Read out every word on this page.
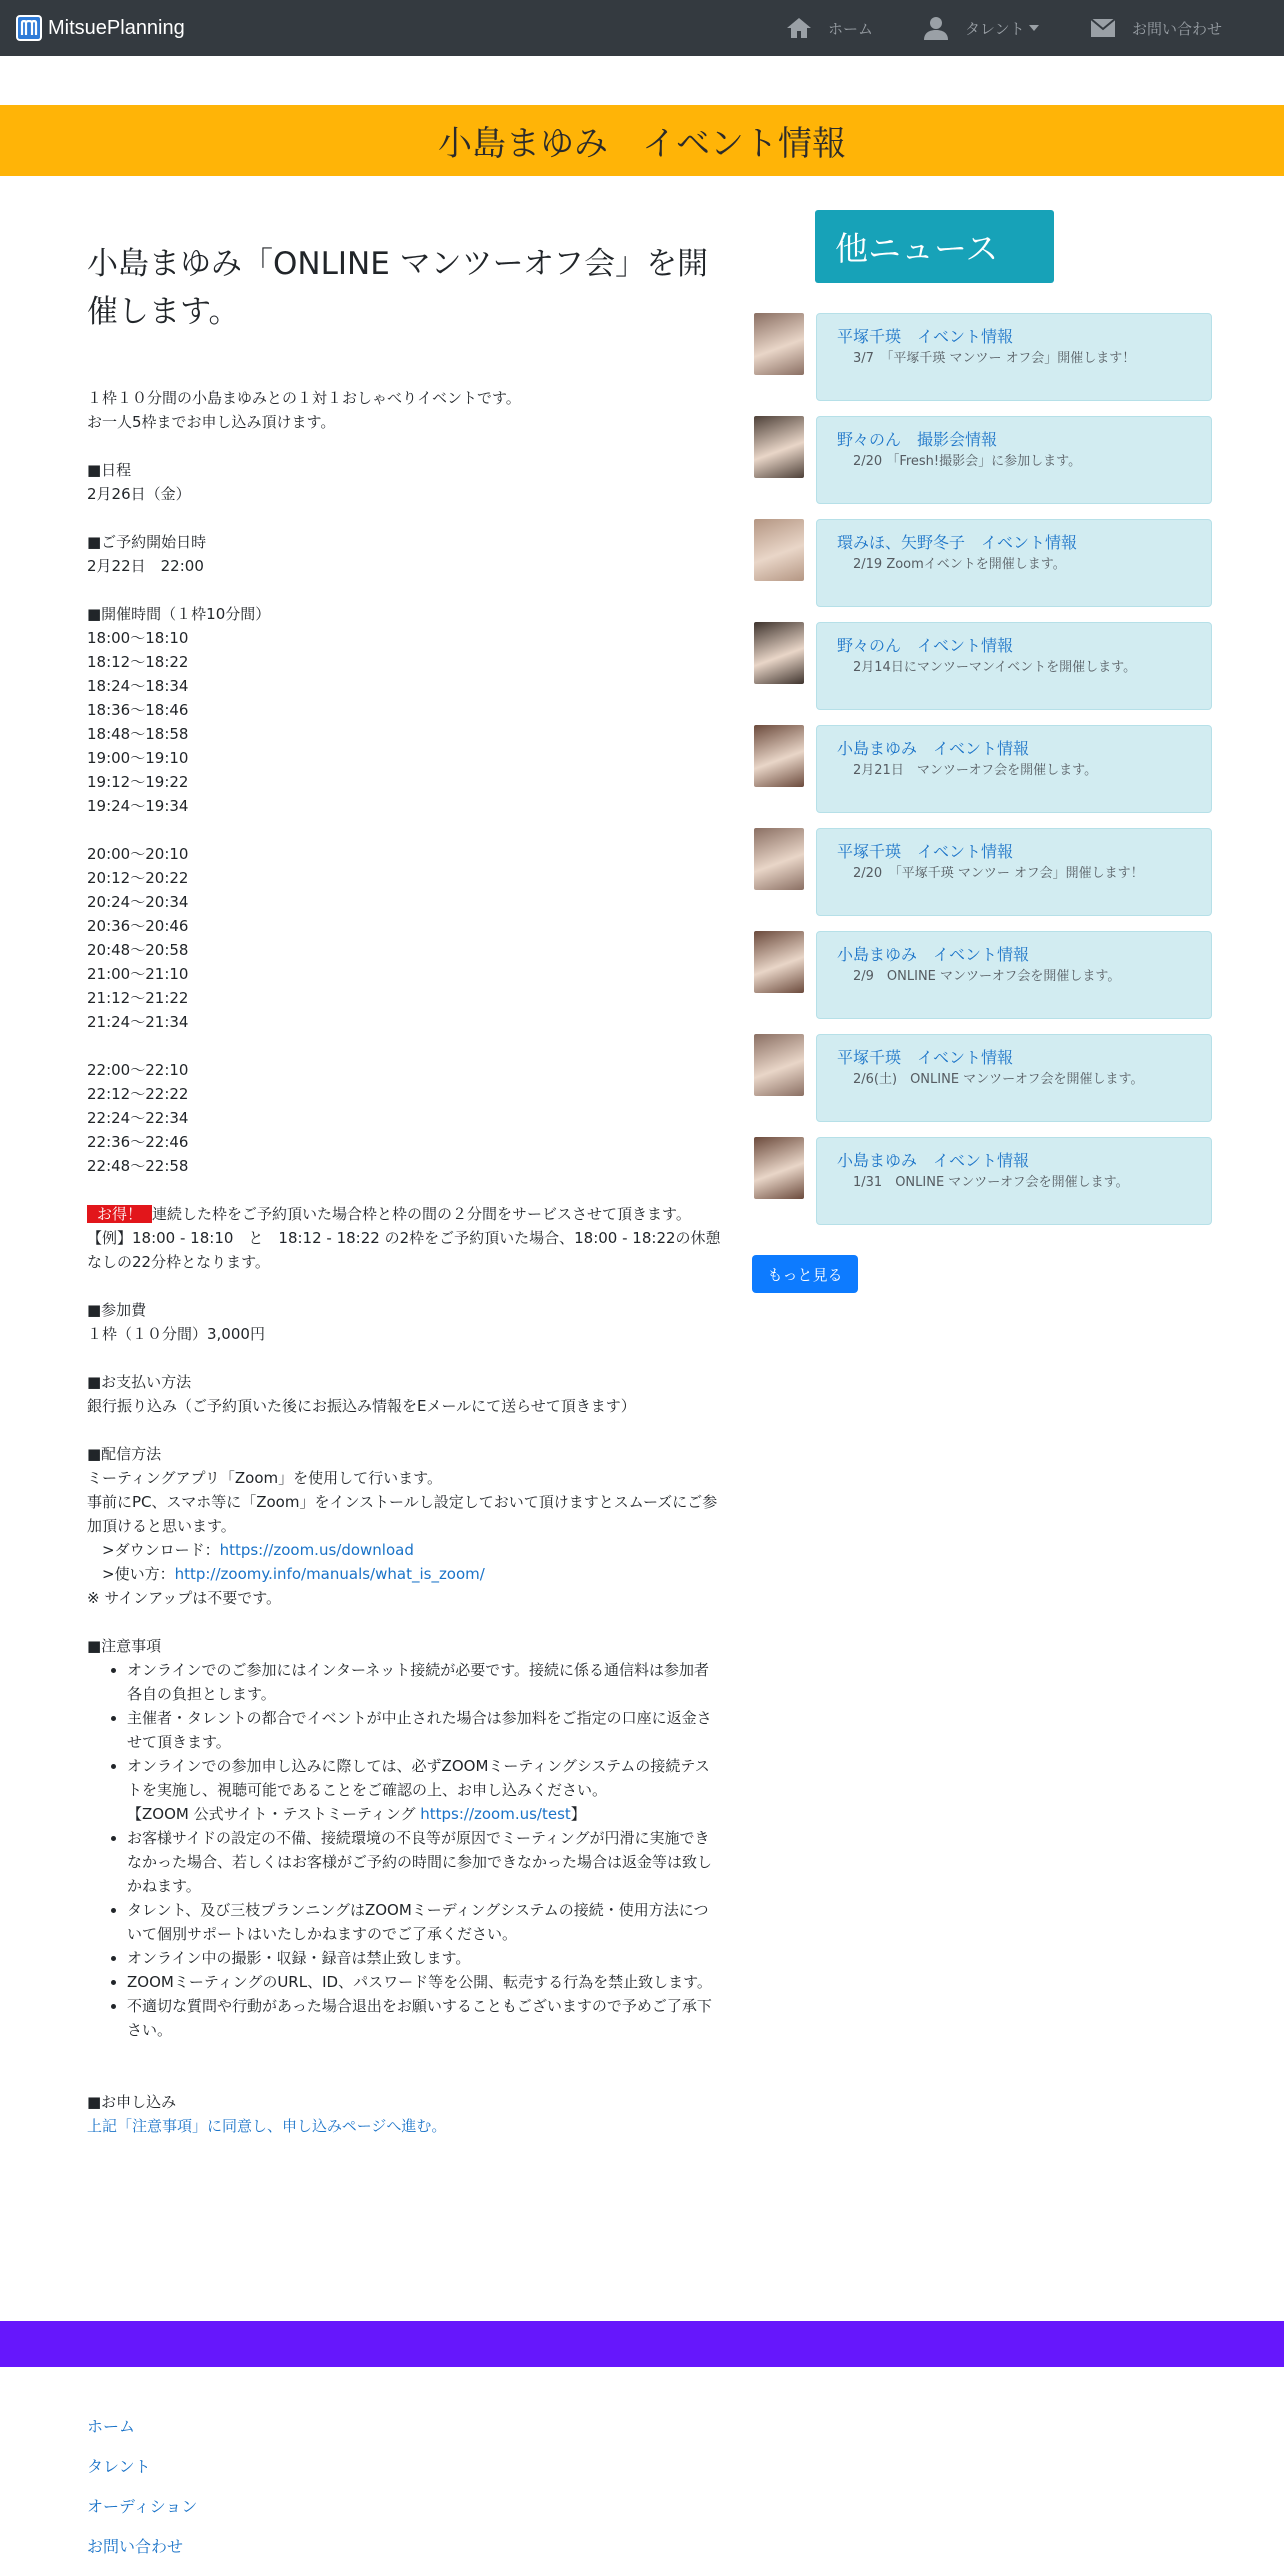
MitsuePlanning	ホーム	タレント	お問い合わせ
小島まゆみ　イベント情報
小島まゆみ「ONLINE マンツーオフ会」を開催します。
１枠１０分間の小島まゆみとの１対１おしゃべりイベントです。
お一人5枠までお申し込み頂けます。
■日程
2月26日（金）
■ご予約開始日時
2月22日　22:00
■開催時間（１枠10分間）
18:00～18:10
18:12～18:22
18:24～18:34
18:36～18:46
18:48～18:58
19:00～19:10
19:12～19:22
19:24～19:34
20:00～20:10
20:12～20:22
20:24～20:34
20:36～20:46
20:48～20:58
21:00～21:10
21:12～21:22
21:24～21:34
22:00～22:10
22:12～22:22
22:24～22:34
22:36～22:46
22:48～22:58
お得！ 連続した枠をご予約頂いた場合枠と枠の間の２分間をサービスさせて頂きます。
【例】18:00 - 18:10　と　18:12 - 18:22 の2枠をご予約頂いた場合、18:00 - 18:22の休憩なしの22分枠となります。
■参加費
１枠（１０分間）3,000円
■お支払い方法
銀行振り込み（ご予約頂いた後にお振込み情報をEメールにて送らせて頂きます）
■配信方法
ミーティングアプリ「Zoom」を使用して行います。
事前にPC、スマホ等に「Zoom」をインストールし設定しておいて頂けますとスムーズにご参加頂けると思います。
　>ダウンロード：https://zoom.us/download
　>使い方：http://zoomy.info/manuals/what_is_zoom/
※ サインアップは不要です。
■注意事項
• オンラインでのご参加にはインターネット接続が必要です。接続に係る通信料は参加者各自の負担とします。
• 主催者・タレントの都合でイベントが中止された場合は参加料をご指定の口座に返金させて頂きます。
• オンラインでの参加申し込みに際しては、必ずZOOMミーティングシステムの接続テストを実施し、視聴可能であることをご確認の上、お申し込みください。
【ZOOM 公式サイト・テストミーティング https://zoom.us/test】
• お客様サイドの設定の不備、接続環境の不良等が原因でミーティングが円滑に実施できなかった場合、若しくはお客様がご予約の時間に参加できなかった場合は返金等は致しかねます。
• タレント、及び三枝プランニングはZOOMミーディングシステムの接続・使用方法について個別サポートはいたしかねますのでご了承ください。
• オンライン中の撮影・収録・録音は禁止致します。
• ZOOMミーティングのURL、ID、パスワード等を公開、転売する行為を禁止致します。
• 不適切な質問や行動があった場合退出をお願いすることもございますので予めご了承下さい。
■お申し込み
上記「注意事項」に同意し、申し込みページへ進む。
他ニュース
平塚千瑛　イベント情報
3/7　「平塚千瑛 マンツー オフ会」開催します！
野々のん　撮影会情報
2/20 「Fresh!撮影会」に参加します。
環みほ、矢野冬子　イベント情報
2/19 Zoomイベントを開催します。
野々のん　イベント情報
2月14日にマンツーマンイベントを開催します。
小島まゆみ　イベント情報
2月21日　マンツーオフ会を開催します。
平塚千瑛　イベント情報
2/20　「平塚千瑛 マンツー オフ会」開催します！
小島まゆみ　イベント情報
2/9　ONLINE マンツーオフ会を開催します。
平塚千瑛　イベント情報
2/6(土)　ONLINE マンツーオフ会を開催します。
小島まゆみ　イベント情報
1/31　ONLINE マンツーオフ会を開催します。
もっと見る
ホーム
タレント
オーディション
お問い合わせ
